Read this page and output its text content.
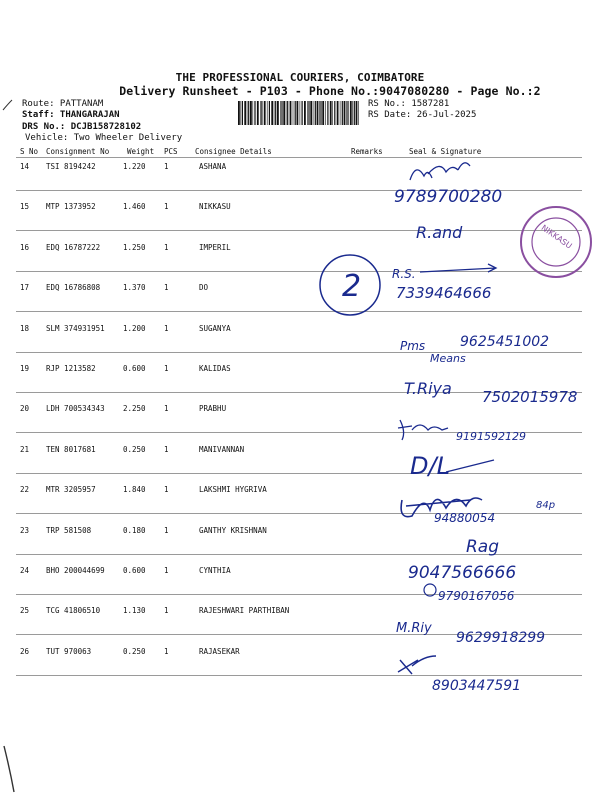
THE PROFESSIONAL COURIERS, COIMBATORE
Delivery Runsheet - P103 - Phone No.:9047080280 - Page No.:2
Route: PATTANAM
Staff: THANGARAJAN
DRS No.: DCJB158728102
Vehicle: Two Wheeler Delivery
RS No.: 1587281
RS Date: 26-Jul-2025
S No Consignment No Weight PCS Consignee Details	Remarks	Seal & Signature
14 TSI 8194242	1.220 1	ASHANA
15 MTP 1373952	1.460 1	NIKKASU
16 EDQ 16787222	1.250 1	IMPERIL
17 EDQ 16786808	1.370 1	DO
18 SLM 374931951 1.200 1	SUGANYA
19 RJP 1213582	0.600 1	KALIDAS
20 LDH 700534343 2.250 1	PRABHU
21 TEN 8017681	0.250 1	MANIVANNAN
22 MTR 3205957	1.840 1	LAKSHMI HYGRIVA
23 TRP 581508	0.180 1	GANTHY KRISHNAN
24 BHO 200044699 0.600 1	CYNTHIA
25 TCG 41806510	1.130 1	RAJESHWARI PARTHIBAN
26 TUT 970063	0.250 1	RAJASEKAR
9789700280
R.and	NIKKASU
2	R.S.
7339464666
Pms 9625451002
Means
T.Riya 7502015978
9191592129
D/L
94880054
84p
Rag
9047566666
9790167056
M.Riy
9629918299
8903447591
